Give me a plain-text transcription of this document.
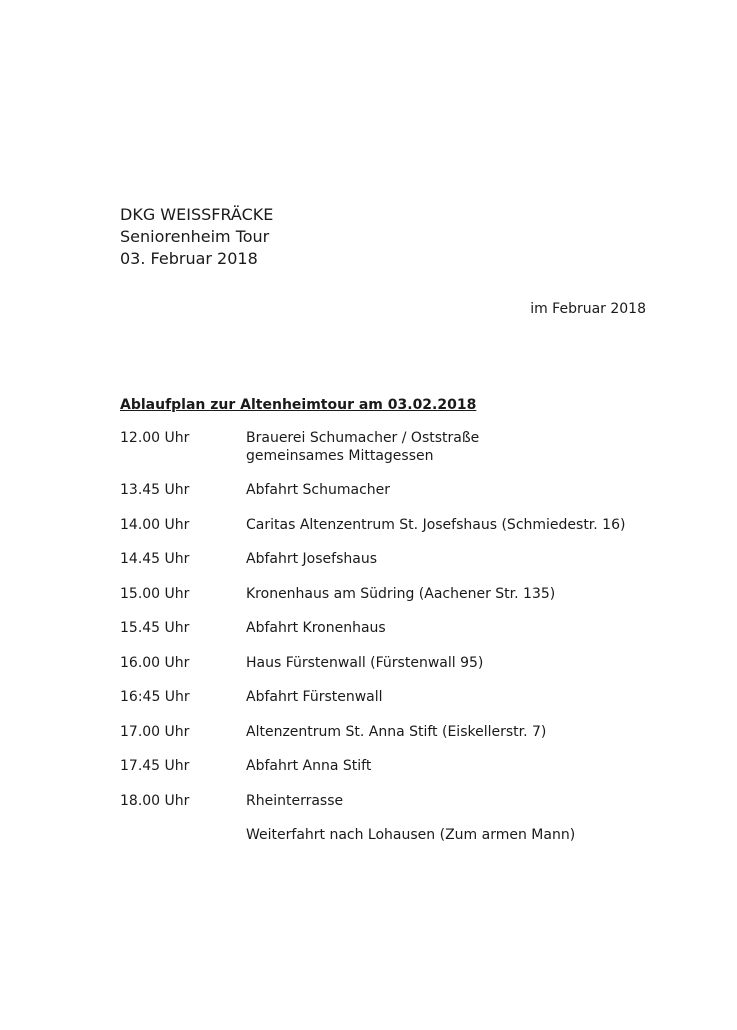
DKG WEISSFRÄCKE
Seniorenheim Tour
03. Februar 2018
im Februar 2018
Ablaufplan zur Altenheimtour am 03.02.2018
12.00 Uhr	Brauerei Schumacher / Oststraße
gemeinsames Mittagessen
13.45 Uhr	Abfahrt Schumacher
14.00 Uhr	Caritas Altenzentrum St. Josefshaus (Schmiedestr. 16)
14.45 Uhr	Abfahrt Josefshaus
15.00 Uhr	Kronenhaus am Südring (Aachener Str. 135)
15.45 Uhr	Abfahrt Kronenhaus
16.00 Uhr	Haus Fürstenwall (Fürstenwall 95)
16:45 Uhr	Abfahrt Fürstenwall
17.00 Uhr	Altenzentrum St. Anna Stift (Eiskellerstr. 7)
17.45 Uhr	Abfahrt Anna Stift
18.00 Uhr	Rheinterrasse
Weiterfahrt nach Lohausen (Zum armen Mann)
